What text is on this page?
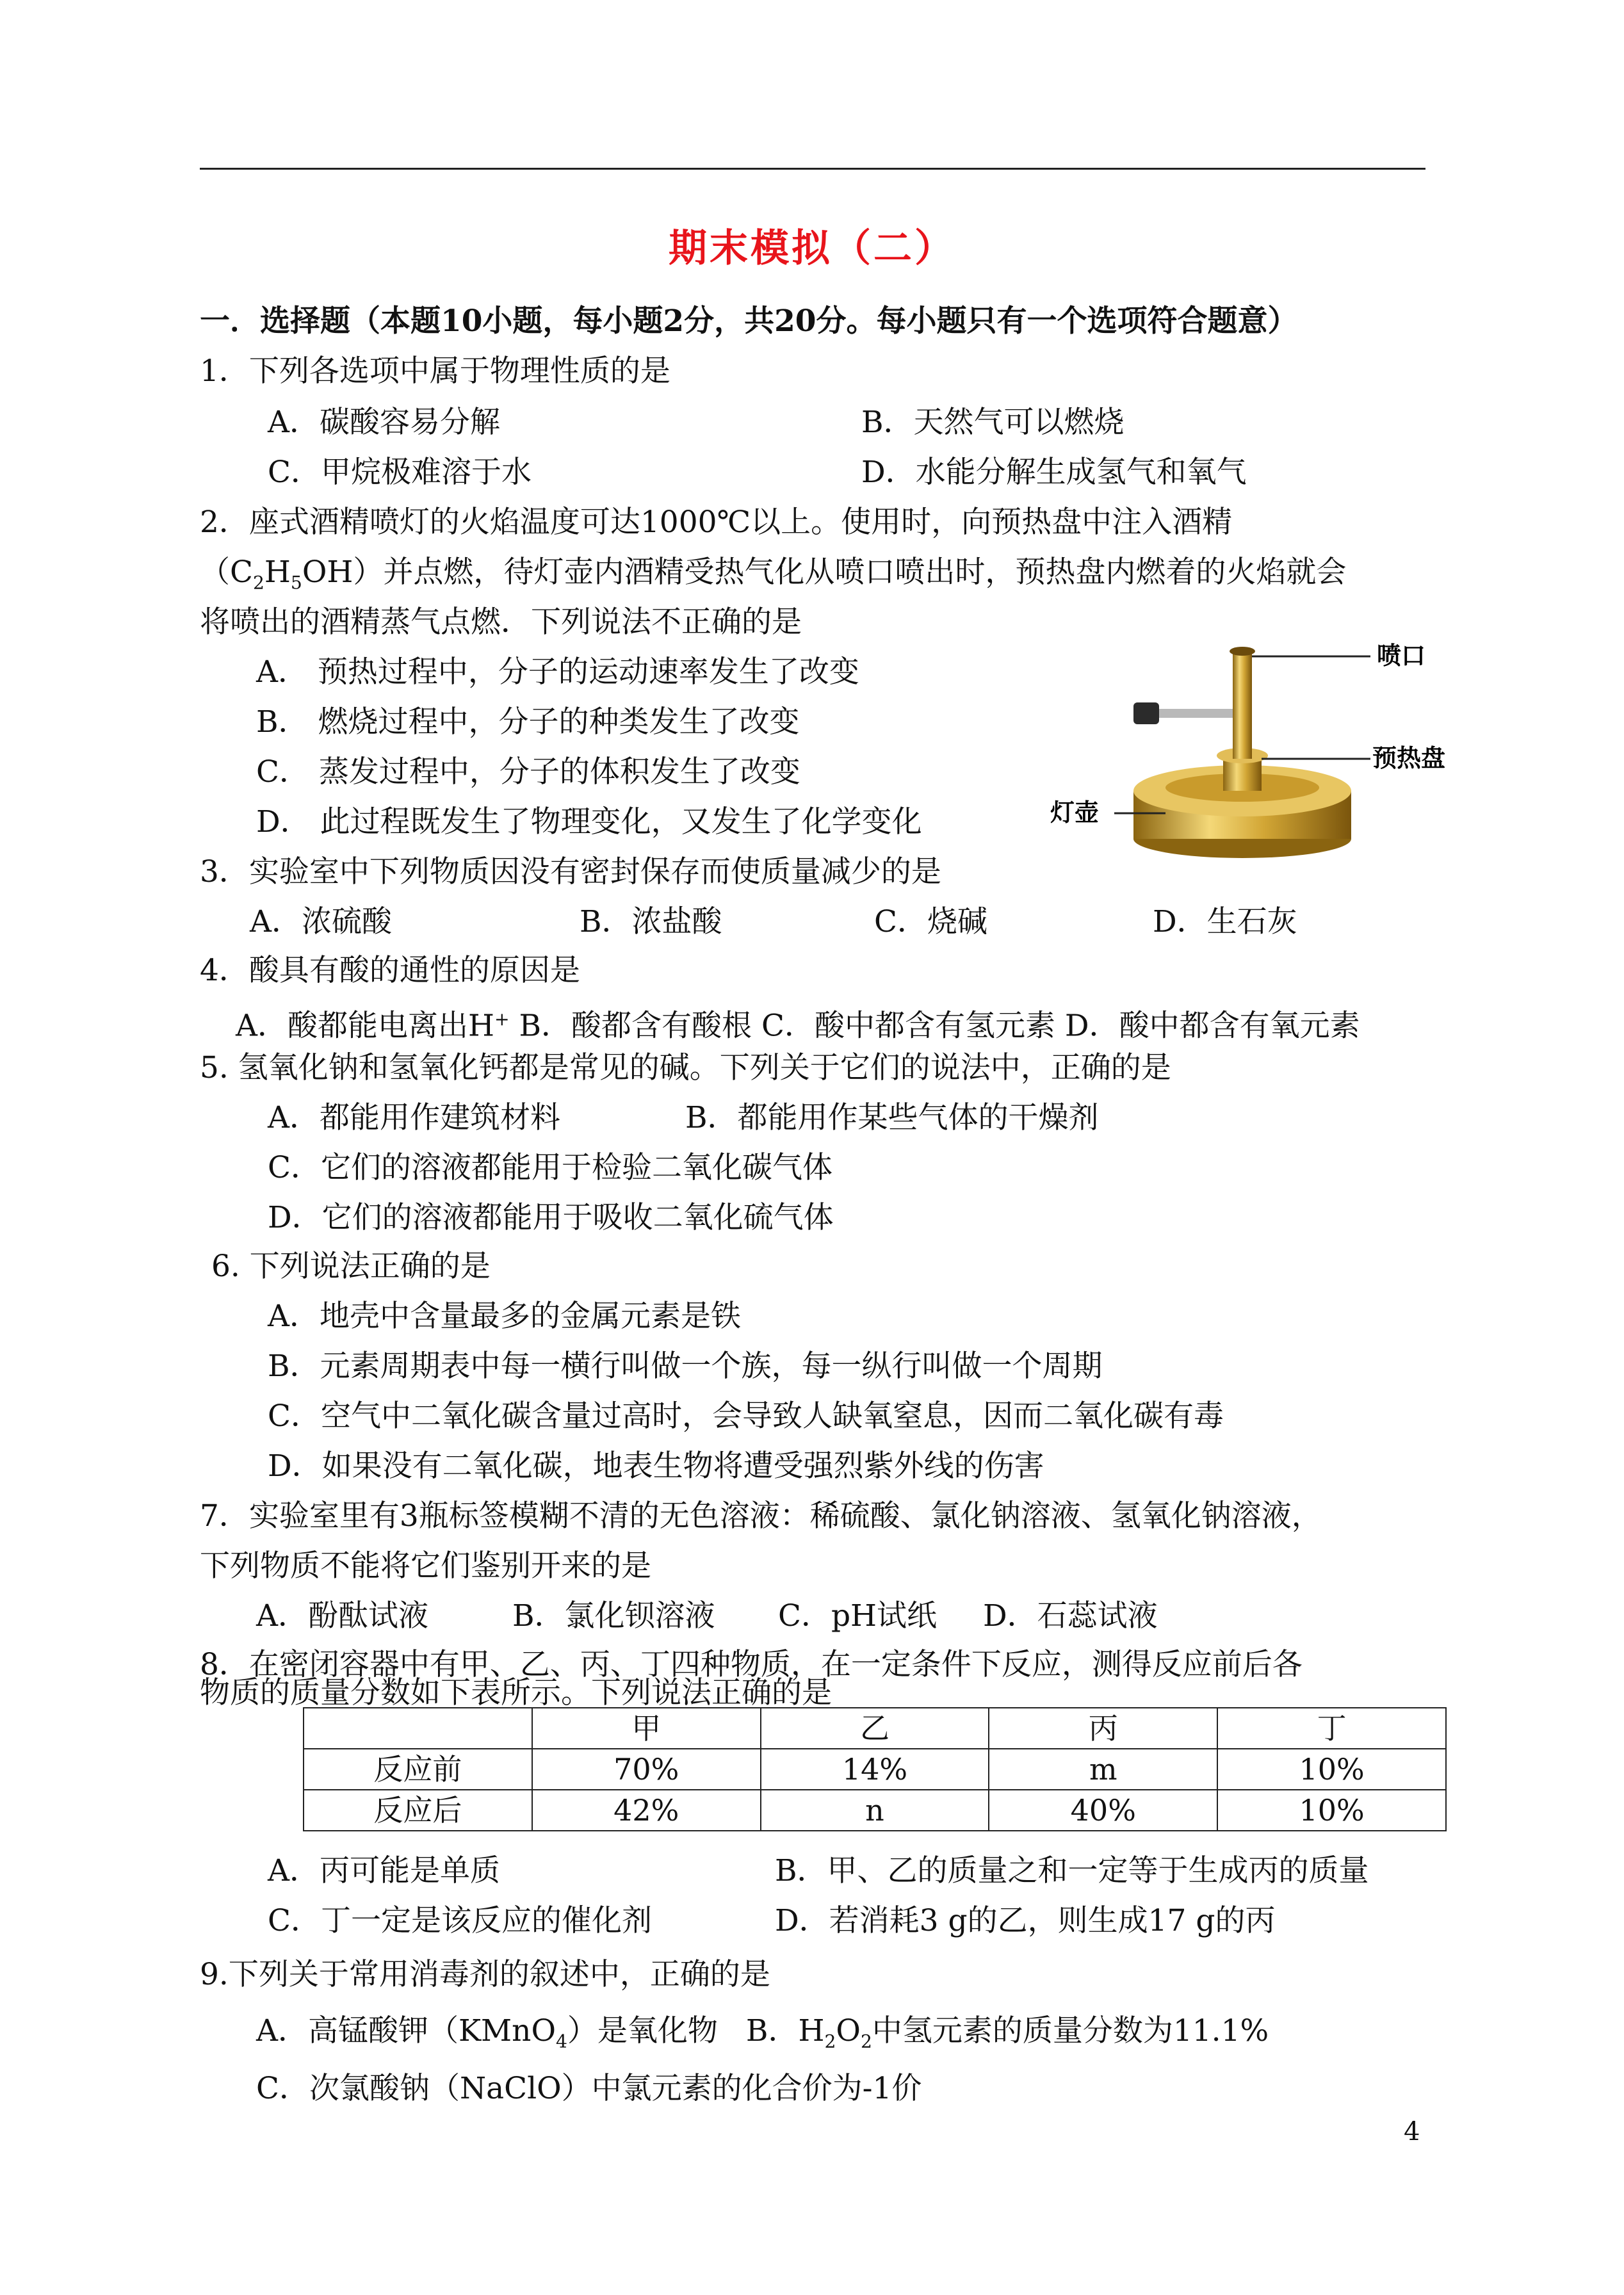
期末模拟（二）
一．选择题（本题10小题，每小题2分，共20分。每小题只有一个选项符合题意）
1．下列各选项中属于物理性质的是
A．碳酸容易分解	B．天然气可以燃烧
C．甲烷极难溶于水	D．水能分解生成氢气和氧气
2．座式酒精喷灯的火焰温度可达1000℃以上。使用时，向预热盘中注入酒精
$(C_2H_5OH)$并点燃，待灯壶内酒精受热气化从喷口喷出时，预热盘内燃着的火焰就会
将喷出的酒精蒸气点燃．下列说法不正确的是
A． 预热过程中，分子的运动速率发生了改变
B． 燃烧过程中，分子的种类发生了改变
C． 蒸发过程中，分子的体积发生了改变
D． 此过程既发生了物理变化，又发生了化学变化
喷口
预热盘
灯壶
3．实验室中下列物质因没有密封保存而使质量减少的是
A．浓硫酸	B．浓盐酸	C．烧碱	D．生石灰
4．酸具有酸的通性的原因是
A．酸都能电离出H+ B．酸都含有酸根 C．酸中都含有氢元素 D．酸中都含有氧元素
5. 氢氧化钠和氢氧化钙都是常见的碱。下列关于它们的说法中，正确的是
A．都能用作建筑材料	B．都能用作某些气体的干燥剂
C．它们的溶液都能用于检验二氧化碳气体
D．它们的溶液都能用于吸收二氧化硫气体
6. 下列说法正确的是
A．地壳中含量最多的金属元素是铁
B．元素周期表中每一横行叫做一个族，每一纵行叫做一个周期
C．空气中二氧化碳含量过高时，会导致人缺氧窒息，因而二氧化碳有毒
D．如果没有二氧化碳，地表生物将遭受强烈紫外线的伤害
7．实验室里有3瓶标签模糊不清的无色溶液：稀硫酸、氯化钠溶液、氢氧化钠溶液，
下列物质不能将它们鉴别开来的是
A．酚酞试液	B．氯化钡溶液 C．pH试纸 D．石蕊试液
8．在密闭容器中有甲、乙、丙、丁四种物质，在一定条件下反应，测得反应前后各
物质的质量分数如下表所示。下列说法正确的是
	甲	乙	丙	丁
反应前	70%	14%	m	10%
反应后	42%	n	40%	10%
A．丙可能是单质	B．甲、乙的质量之和一定等于生成丙的质量
C．丁一定是该反应的催化剂	D．若消耗3 g的乙，则生成17 g的丙
9.下列关于常用消毒剂的叙述中，正确的是
A．高锰酸钾（KMnO$_4$）是氧化物 B．$H_2O_2$中氢元素的质量分数为11.1%
C．次氯酸钠（NaClO）中氯元素的化合价为-1价
4
